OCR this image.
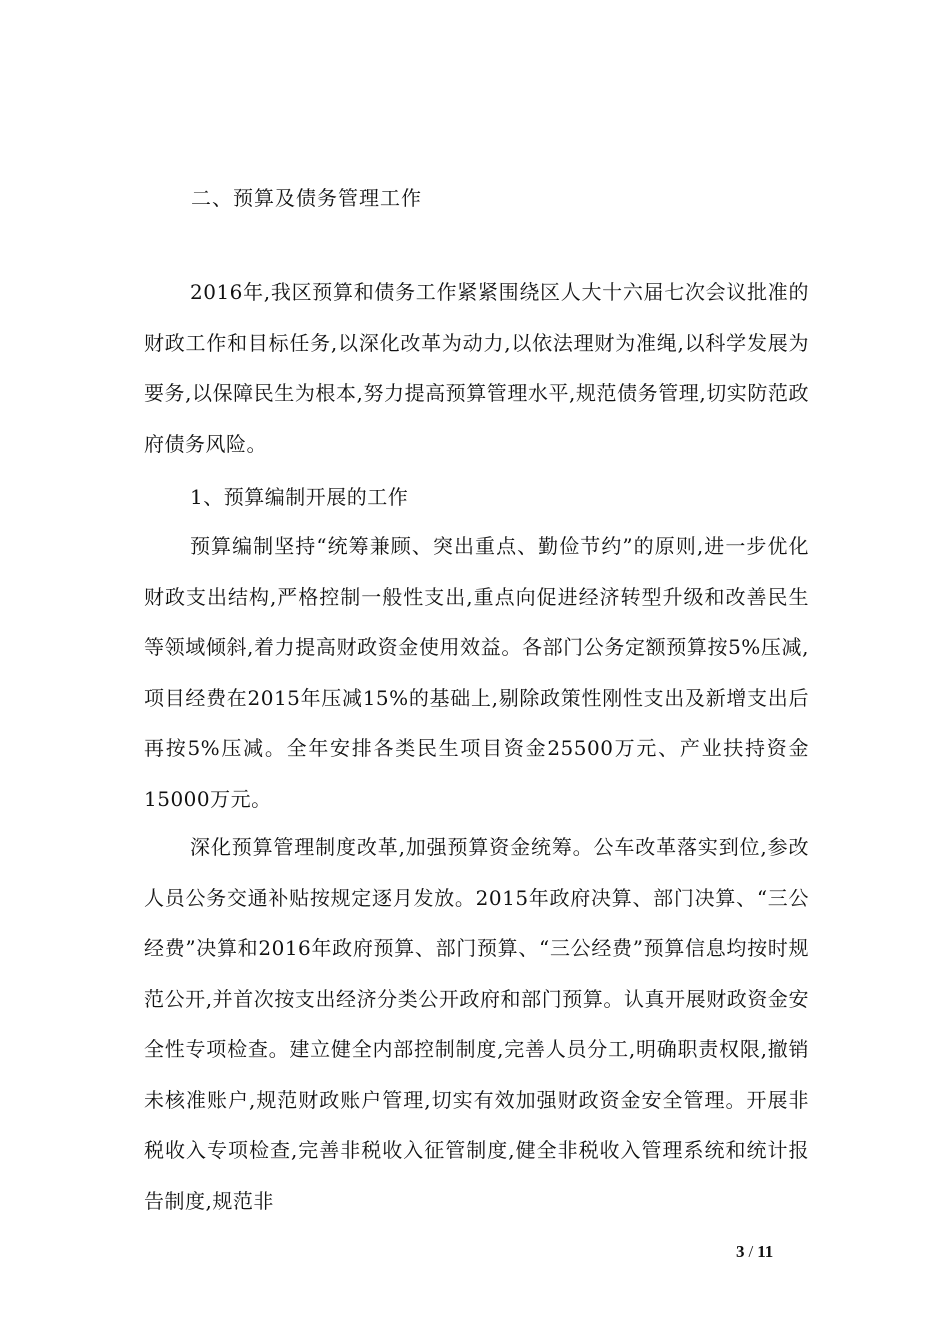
二、预算及债务管理工作

2016年,我区预算和债务工作紧紧围绕区人大十六届七次会议批准的财政工作和目标任务,以深化改革为动力,以依法理财为准绳,以科学发展为要务,以保障民生为根本,努力提高预算管理水平,规范债务管理,切实防范政府债务风险。

1、预算编制开展的工作

预算编制坚持“统筹兼顾、突出重点、勤俭节约”的原则,进一步优化财政支出结构,严格控制一般性支出,重点向促进经济转型升级和改善民生等领域倾斜,着力提高财政资金使用效益。各部门公务定额预算按5%压减,项目经费在2015年压减15%的基础上,剔除政策性刚性支出及新增支出后再按5%压减。全年安排各类民生项目资金25500万元、产业扶持资金15000万元。

深化预算管理制度改革,加强预算资金统筹。公车改革落实到位,参改人员公务交通补贴按规定逐月发放。2015年政府决算、部门决算、“三公经费”决算和2016年政府预算、部门预算、“三公经费”预算信息均按时规范公开,并首次按支出经济分类公开政府和部门预算。认真开展财政资金安全性专项检查。建立健全内部控制制度,完善人员分工,明确职责权限,撤销未核准账户,规范财政账户管理,切实有效加强财政资金安全管理。开展非税收入专项检查,完善非税收入征管制度,健全非税收入管理系统和统计报告制度,规范非

3 / 11
